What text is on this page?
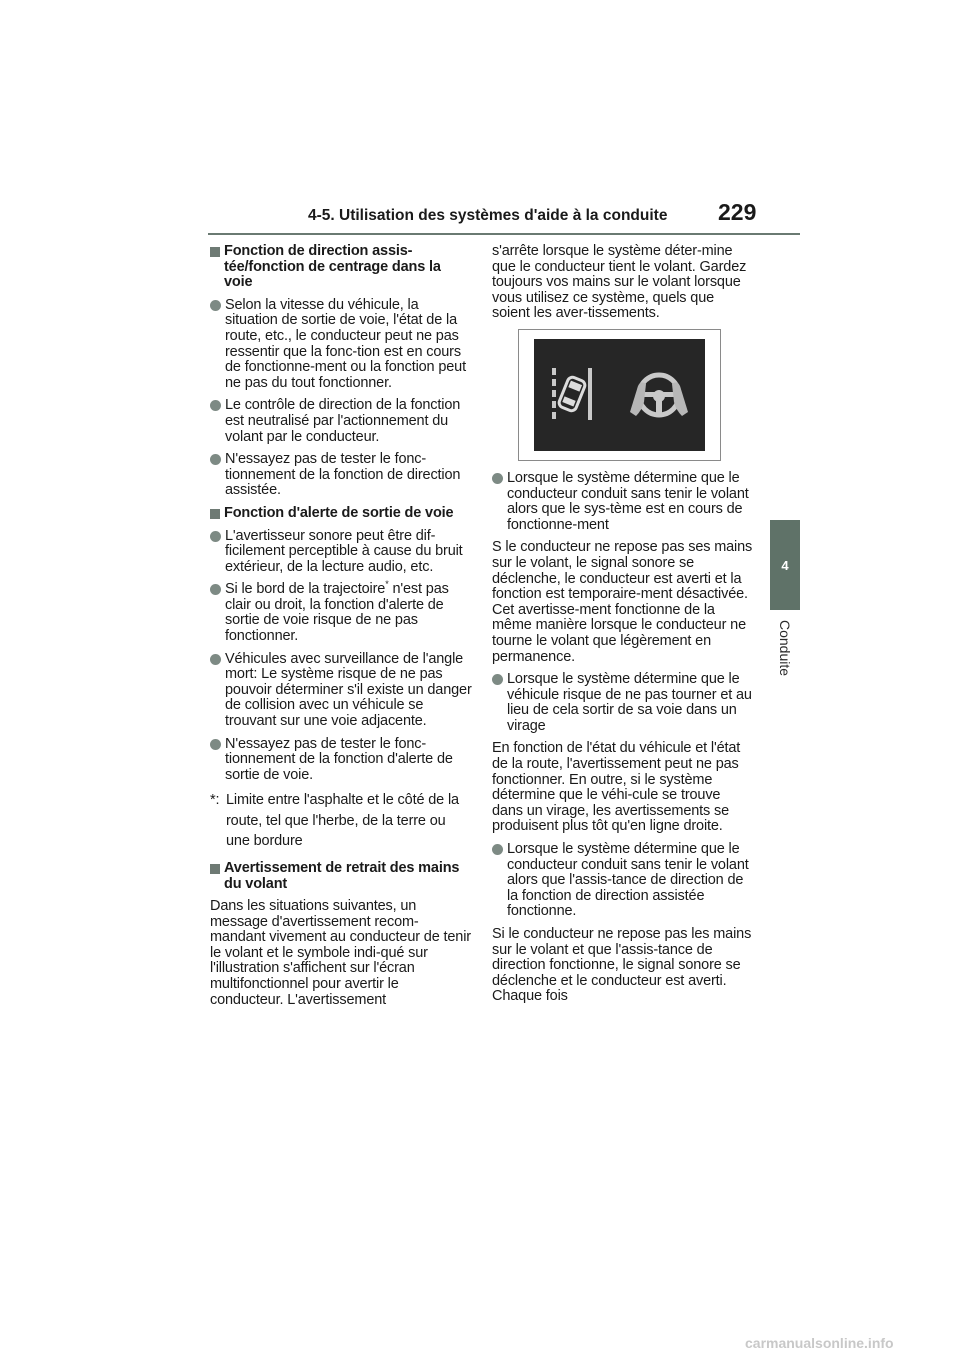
4-5. Utilisation des systèmes d'aide à la conduite 229
4
Conduite
Fonction de direction assis-tée/fonction de centrage dans la voie
Selon la vitesse du véhicule, la situation de sortie de voie, l'état de la route, etc., le conducteur peut ne pas ressentir que la fonc-tion est en cours de fonctionne-ment ou la fonction peut ne pas du tout fonctionner.
Le contrôle de direction de la fonction est neutralisé par l'actionnement du volant par le conducteur.
N'essayez pas de tester le fonc-tionnement de la fonction de direction assistée.
Fonction d'alerte de sortie de voie
L'avertisseur sonore peut être dif-ficilement perceptible à cause du bruit extérieur, de la lecture audio, etc.
Si le bord de la trajectoire* n'est pas clair ou droit, la fonction d'alerte de sortie de voie risque de ne pas fonctionner.
Véhicules avec surveillance de l'angle mort: Le système risque de ne pas pouvoir déterminer s'il existe un danger de collision avec un véhicule se trouvant sur une voie adjacente.
N'essayez pas de tester le fonc-tionnement de la fonction d'alerte de sortie de voie.
*: Limite entre l'asphalte et le côté de la route, tel que l'herbe, de la terre ou une bordure
Avertissement de retrait des mains du volant
Dans les situations suivantes, un message d'avertissement recom-mandant vivement au conducteur de tenir le volant et le symbole indi-qué sur l'illustration s'affichent sur l'écran multifonctionnel pour avertir le conducteur. L'avertissement
s'arrête lorsque le système déter-mine que le conducteur tient le volant. Gardez toujours vos mains sur le volant lorsque vous utilisez ce système, quels que soient les aver-tissements.
Lorsque le système détermine que le conducteur conduit sans tenir le volant alors que le sys-tème est en cours de fonctionne-ment
S le conducteur ne repose pas ses mains sur le volant, le signal sonore se déclenche, le conducteur est averti et la fonction est temporaire-ment désactivée. Cet avertisse-ment fonctionne de la même manière lorsque le conducteur ne tourne le volant que légèrement en permanence.
Lorsque le système détermine que le véhicule risque de ne pas tourner et au lieu de cela sortir de sa voie dans un virage
En fonction de l'état du véhicule et l'état de la route, l'avertissement peut ne pas fonctionner. En outre, si le système détermine que le véhi-cule se trouve dans un virage, les avertissements se produisent plus tôt qu'en ligne droite.
Lorsque le système détermine que le conducteur conduit sans tenir le volant alors que l'assis-tance de direction de la fonction de direction assistée fonctionne.
Si le conducteur ne repose pas les mains sur le volant et que l'assis-tance de direction fonctionne, le signal sonore se déclenche et le conducteur est averti. Chaque fois
carmanualsonline.info
